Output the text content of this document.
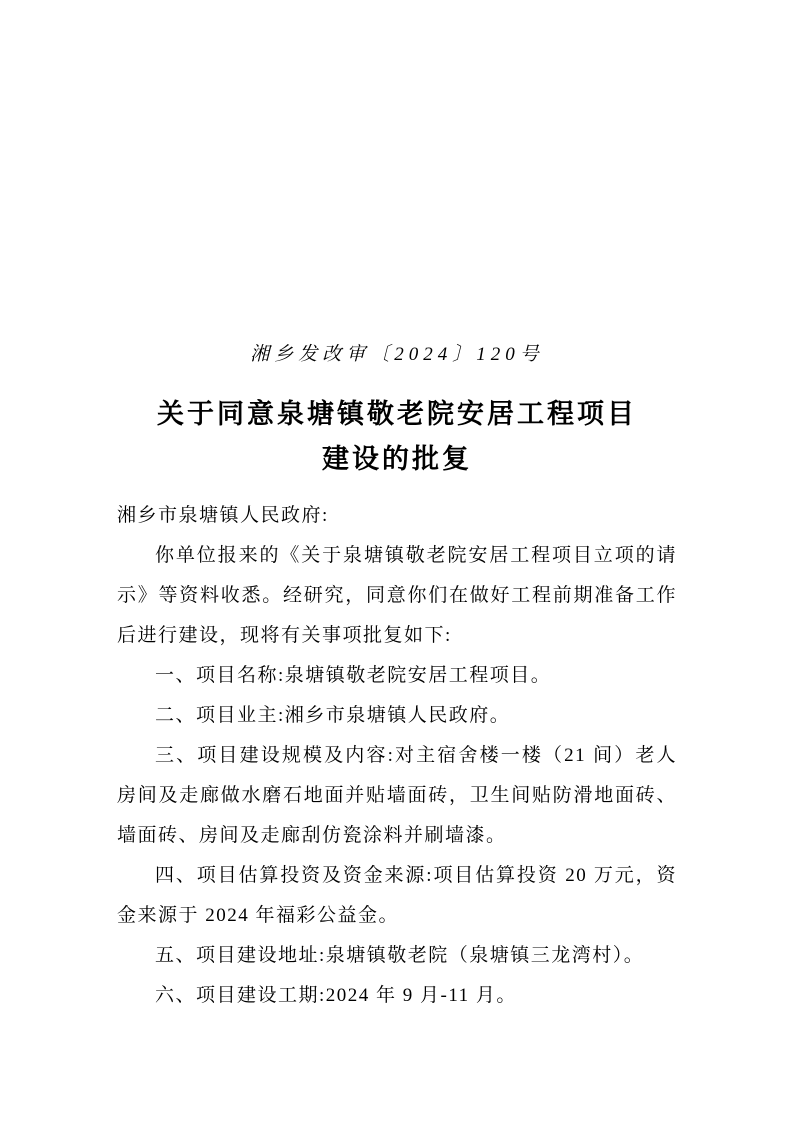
湘乡发改审〔2024〕120号
关于同意泉塘镇敬老院安居工程项目
建设的批复

湘乡市泉塘镇人民政府:

你单位报来的《关于泉塘镇敬老院安居工程项目立项的请示》等资料收悉。经研究，同意你们在做好工程前期准备工作后进行建设，现将有关事项批复如下:

一、项目名称:泉塘镇敬老院安居工程项目。

二、项目业主:湘乡市泉塘镇人民政府。

三、项目建设规模及内容:对主宿舍楼一楼（21 间）老人房间及走廊做水磨石地面并贴墙面砖，卫生间贴防滑地面砖、墙面砖、房间及走廊刮仿瓷涂料并刷墙漆。

四、项目估算投资及资金来源:项目估算投资 20 万元，资金来源于 2024 年福彩公益金。

五、项目建设地址:泉塘镇敬老院（泉塘镇三龙湾村）。

六、项目建设工期:2024 年 9 月-11 月。
